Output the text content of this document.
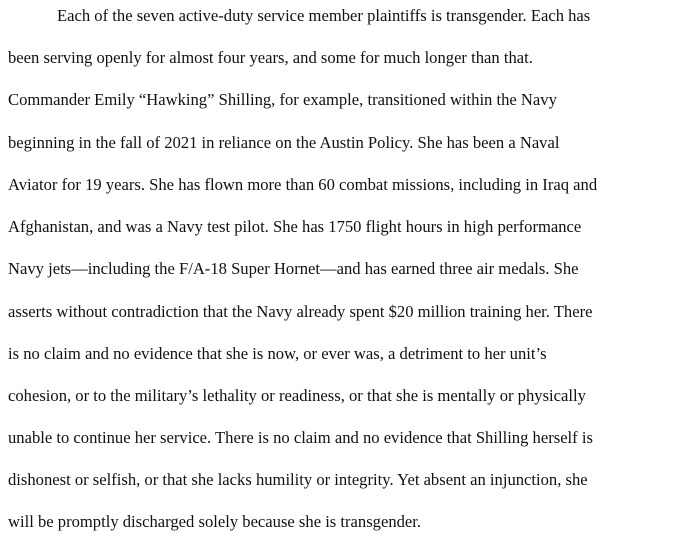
Each of the seven active-duty service member plaintiffs is transgender. Each has
been serving openly for almost four years, and some for much longer than that.
Commander Emily “Hawking” Shilling, for example, transitioned within the Navy
beginning in the fall of 2021 in reliance on the Austin Policy. She has been a Naval
Aviator for 19 years. She has flown more than 60 combat missions, including in Iraq and
Afghanistan, and was a Navy test pilot. She has 1750 flight hours in high performance
Navy jets—including the F/A-18 Super Hornet—and has earned three air medals. She
asserts without contradiction that the Navy already spent $20 million training her. There
is no claim and no evidence that she is now, or ever was, a detriment to her unit’s
cohesion, or to the military’s lethality or readiness, or that she is mentally or physically
unable to continue her service. There is no claim and no evidence that Shilling herself is
dishonest or selfish, or that she lacks humility or integrity. Yet absent an injunction, she
will be promptly discharged solely because she is transgender.
